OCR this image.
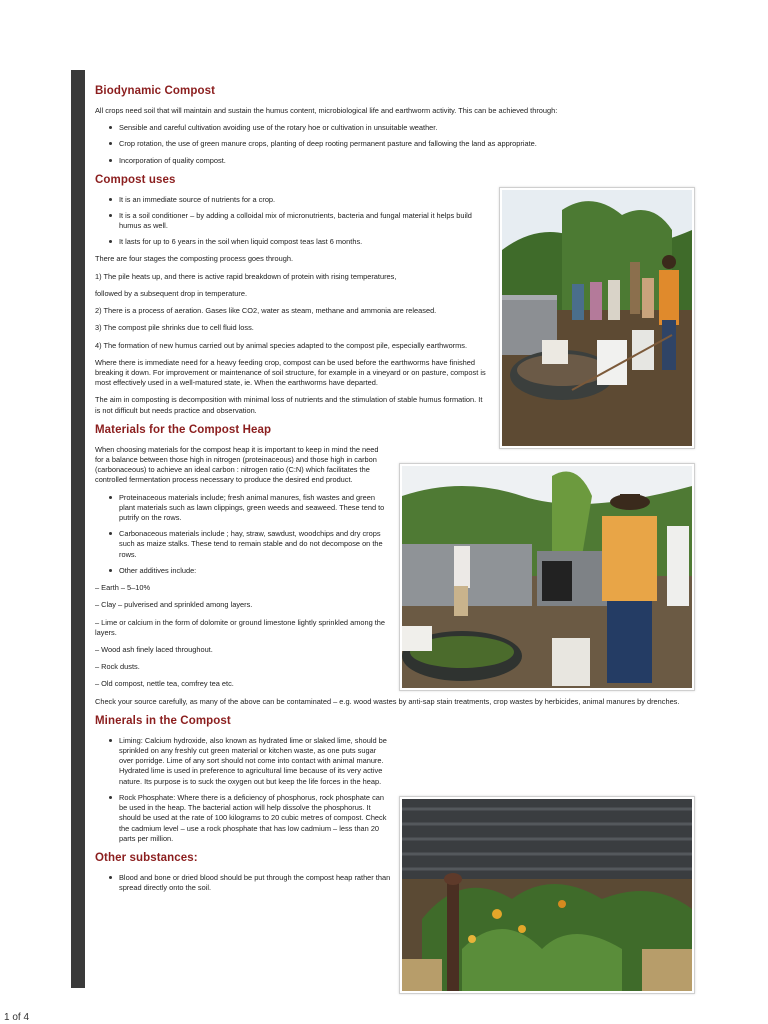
Biodynamic Compost

All crops need soil that will maintain and sustain the humus content, microbiological life and earthworm activity. This can be achieved through:

Sensible and careful cultivation avoiding use of the rotary hoe or cultivation in unsuitable weather.
Crop rotation, the use of green manure crops, planting of deep rooting permanent pasture and fallowing the land as appropriate.
Incorporation of quality compost.
Compost uses
It is an immediate source of nutrients for a crop.
It is a soil conditioner – by adding a colloidal mix of micronutrients, bacteria and fungal material it helps build humus as well.
It lasts for up to 6 years in the soil when liquid compost teas last 6 months.

There are four stages the composting process goes through.

1) The pile heats up, and there is active rapid breakdown of protein with rising temperatures,

followed by a subsequent drop in temperature.

2) There is a process of aeration. Gases like CO2, water as steam, methane and ammonia are released.

3) The compost pile shrinks due to cell fluid loss.

4) The formation of new humus carried out by animal species adapted to the compost pile, especially earthworms.

Where there is immediate need for a heavy feeding crop, compost can be used before the earthworms have finished breaking it down. For improvement or maintenance of soil structure, for example in a vineyard or on pasture, compost is most effectively used in a well-matured state, ie. When the earthworms have departed.

The aim in composting is decomposition with minimal loss of nutrients and the stimulation of stable humus formation. It is not difficult but needs practice and observation.

Materials for the Compost Heap

When choosing materials for the compost heap it is important to keep in mind the need for a balance between those high in nitrogen (proteinaceous) and those high in carbon (carbonaceous) to achieve an ideal carbon : nitrogen ratio (C:N) which facilitates the controlled fermentation process necessary to produce the desired end product.

Proteinaceous materials include; fresh animal manures, fish wastes and green plant materials such as lawn clippings, green weeds and seaweed. These tend to putrify on the rows.
Carbonaceous materials include ; hay, straw, sawdust, woodchips and dry crops such as maize stalks. These tend to remain stable and do not decompose on the rows.
Other additives include:

– Earth – 5–10%

– Clay – pulverised and sprinkled among layers.

– Lime or calcium in the form of dolomite or ground limestone lightly sprinkled among the layers.

– Wood ash finely laced throughout.

– Rock dusts.

– Old compost, nettle tea, comfrey tea etc.

Check your source carefully, as many of the above can be contaminated – e.g. wood wastes by anti-sap stain treatments, crop wastes by herbicides, animal manures by drenches.

Minerals in the Compost
Liming: Calcium hydroxide, also known as hydrated lime or slaked lime, should be sprinkled on any freshly cut green material or kitchen waste, as one puts sugar over porridge. Lime of any sort should not come into contact with animal manure. Hydrated lime is used in preference to agricultural lime because of its very active nature. Its purpose is to suck the oxygen out but keep the life forces in the heap.
Rock Phosphate: Where there is a deficiency of phosphorus, rock phosphate can be used in the heap. The bacterial action will help dissolve the phosphorus. It should be used at the rate of 100 kilograms to 20 cubic metres of compost. Check the cadmium level – use a rock phosphate that has low cadmium – less than 20 parts per million.
Other substances:
Blood and bone or dried blood should be put through the compost heap rather than spread directly onto the soil.
1 of 4
